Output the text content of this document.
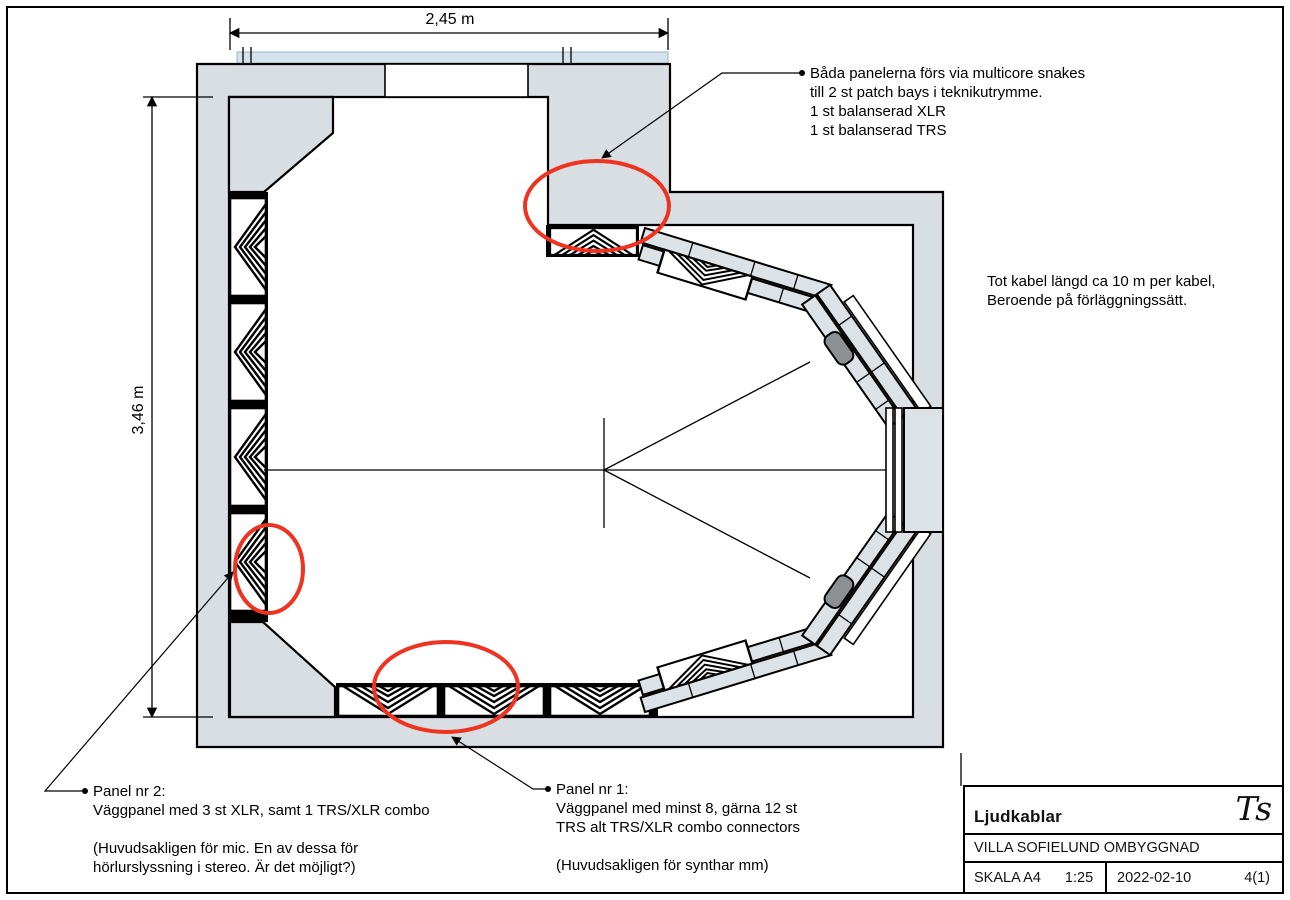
2,45 m
3,46 m
Båda panelerna förs via multicore snakes
till 2 st patch bays i teknikutrymme.
1 st balanserad XLR
1 st balanserad TRS
Tot kabel längd ca 10 m per kabel,
Beroende på förläggningssätt.
Panel nr 2:
Väggpanel med 3 st XLR, samt 1 TRS/XLR combo
(Huvudsakligen för mic. En av dessa för
hörlurslyssning i stereo. Är det möjligt?)
Panel nr 1:
Väggpanel med minst 8, gärna 12 st
TRS alt TRS/XLR combo connectors
(Huvudsakligen för synthar mm)
Ljudkablar	Ts
VILLA SOFIELUND OMBYGGNAD
SKALA A4 1:25 2022-02-10	4(1)
